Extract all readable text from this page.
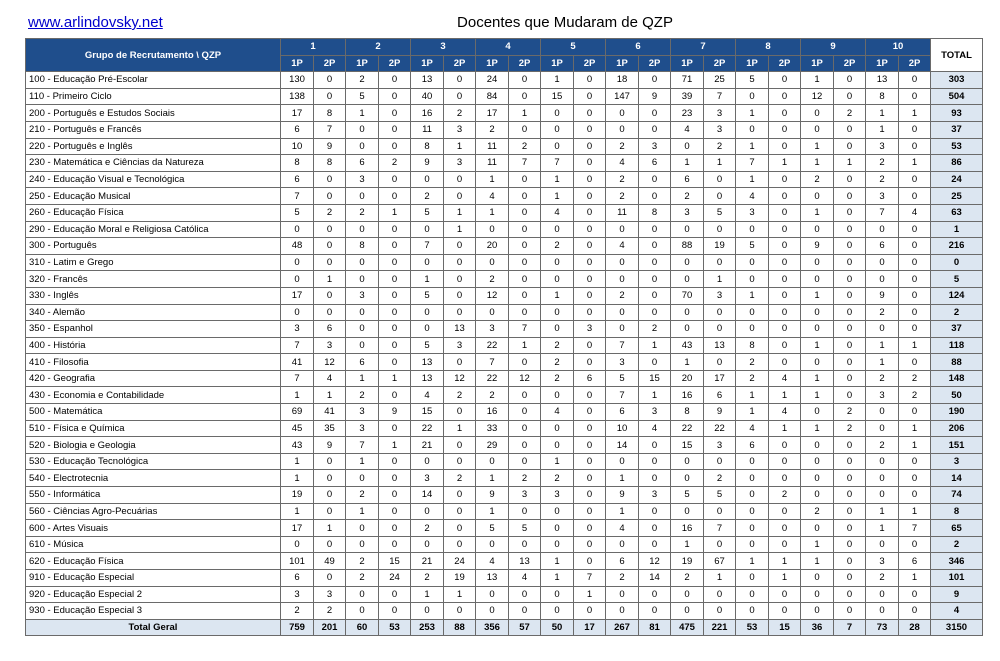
www.arlindovsky.net	Docentes que Mudaram de QZP
Grupo de Recrutamento \ QZP	1		2		3		4		5		6		7		8		9		10		TOTAL
	1P	2P	1P	2P	1P	2P	1P	2P	1P	2P	1P	2P	1P	2P	1P	2P	1P	2P	1P	2P	
100 - Educação Pré-Escolar	130	0	2	0	13	0	24	0	1	0	18	0	71	25	5	0	1	0	13	0	303
110 - Primeiro Ciclo	138	0	5	0	40	0	84	0	15	0	147	9	39	7	0	0	12	0	8	0	504
200 - Português e Estudos Sociais	17	8	1	0	16	2	17	1	0	0	0	0	23	3	1	0	0	2	1	1	93
210 - Português e Francês	6	7	0	0	11	3	2	0	0	0	0	0	4	3	0	0	0	0	1	0	37
220 - Português e Inglês	10	9	0	0	8	1	11	2	0	0	2	3	0	2	1	0	1	0	3	0	53
230 - Matemática e Ciências da Natureza	8	8	6	2	9	3	11	7	7	0	4	6	1	1	7	1	1	1	2	1	86
240 - Educação Visual e Tecnológica	6	0	3	0	0	0	1	0	1	0	2	0	6	0	1	0	2	0	2	0	24
250 - Educação Musical	7	0	0	0	2	0	4	0	1	0	2	0	2	0	4	0	0	0	3	0	25
260 - Educação Física	5	2	2	1	5	1	1	0	4	0	11	8	3	5	3	0	1	0	7	4	63
290 - Educação Moral e Religiosa Católica	0	0	0	0	0	1	0	0	0	0	0	0	0	0	0	0	0	0	0	0	1
300 - Português	48	0	8	0	7	0	20	0	2	0	4	0	88	19	5	0	9	0	6	0	216
310 - Latim e Grego	0	0	0	0	0	0	0	0	0	0	0	0	0	0	0	0	0	0	0	0	0
320 - Francês	0	1	0	0	1	0	2	0	0	0	0	0	0	1	0	0	0	0	0	0	5
330 - Inglês	17	0	3	0	5	0	12	0	1	0	2	0	70	3	1	0	1	0	9	0	124
340 - Alemão	0	0	0	0	0	0	0	0	0	0	0	0	0	0	0	0	0	0	2	0	2
350 - Espanhol	3	6	0	0	0	13	3	7	0	3	0	2	0	0	0	0	0	0	0	0	37
400 - História	7	3	0	0	5	3	22	1	2	0	7	1	43	13	8	0	1	0	1	1	118
410 - Filosofia	41	12	6	0	13	0	7	0	2	0	3	0	1	0	2	0	0	0	1	0	88
420 - Geografia	7	4	1	1	13	12	22	12	2	6	5	15	20	17	2	4	1	0	2	2	148
430 - Economia e Contabilidade	1	1	2	0	4	2	2	0	0	0	7	1	16	6	1	1	1	0	3	2	50
500 - Matemática	69	41	3	9	15	0	16	0	4	0	6	3	8	9	1	4	0	2	0	0	190
510 - Física e Química	45	35	3	0	22	1	33	0	0	0	10	4	22	22	4	1	1	2	0	1	206
520 - Biologia e Geologia	43	9	7	1	21	0	29	0	0	0	14	0	15	3	6	0	0	0	2	1	151
530 - Educação Tecnológica	1	0	1	0	0	0	0	0	1	0	0	0	0	0	0	0	0	0	0	0	3
540 - Electrotecnia	1	0	0	0	3	2	1	2	2	0	1	0	0	2	0	0	0	0	0	0	14
550 - Informática	19	0	2	0	14	0	9	3	3	0	9	3	5	5	0	2	0	0	0	0	74
560 - Ciências Agro-Pecuárias	1	0	1	0	0	0	1	0	0	0	1	0	0	0	0	0	2	0	1	1	8
600 - Artes Visuais	17	1	0	0	2	0	5	5	0	0	4	0	16	7	0	0	0	0	1	7	65
610 - Música	0	0	0	0	0	0	0	0	0	0	0	0	1	0	0	0	1	0	0	0	2
620 - Educação Física	101	49	2	15	21	24	4	13	1	0	6	12	19	67	1	1	1	0	3	6	346
910 - Educação Especial	6	0	2	24	2	19	13	4	1	7	2	14	2	1	0	1	0	0	2	1	101
920 - Educação Especial 2	3	3	0	0	1	1	0	0	0	1	0	0	0	0	0	0	0	0	0	0	9
930 - Educação Especial 3	2	2	0	0	0	0	0	0	0	0	0	0	0	0	0	0	0	0	0	0	4
Total Geral	759	201	60	53	253	88	356	57	50	17	267	81	475	221	53	15	36	7	73	28	3150
